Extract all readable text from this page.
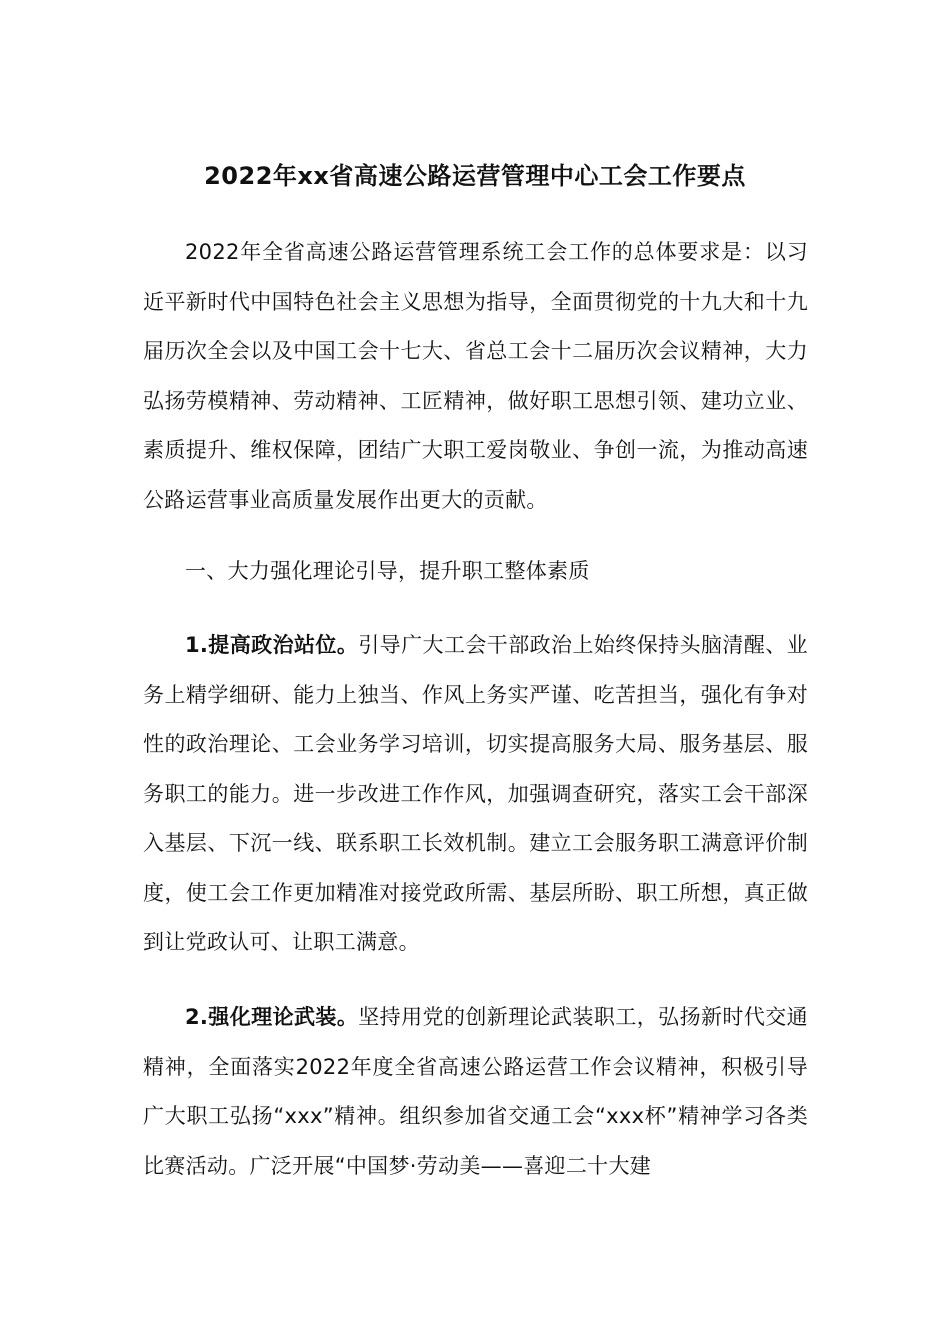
2022年xx省高速公路运营管理中心工会工作要点

2022年全省高速公路运营管理系统工会工作的总体要求是：以习近平新时代中国特色社会主义思想为指导，全面贯彻党的十九大和十九届历次全会以及中国工会十七大、省总工会十二届历次会议精神，大力弘扬劳模精神、劳动精神、工匠精神，做好职工思想引领、建功立业、素质提升、维权保障，团结广大职工爱岗敬业、争创一流，为推动高速公路运营事业高质量发展作出更大的贡献。

一、大力强化理论引导，提升职工整体素质

1.提高政治站位。引导广大工会干部政治上始终保持头脑清醒、业务上精学细研、能力上独当、作风上务实严谨、吃苦担当，强化有争对性的政治理论、工会业务学习培训，切实提高服务大局、服务基层、服务职工的能力。进一步改进工作作风，加强调查研究，落实工会干部深入基层、下沉一线、联系职工长效机制。建立工会服务职工满意评价制度，使工会工作更加精准对接党政所需、基层所盼、职工所想，真正做到让党政认可、让职工满意。

2.强化理论武装。坚持用党的创新理论武装职工，弘扬新时代交通精神，全面落实2022年度全省高速公路运营工作会议精神，积极引导广大职工弘扬“xxx”精神。组织参加省交通工会“xxx杯”精神学习各类比赛活动。广泛开展“中国梦·劳动美——喜迎二十大建
